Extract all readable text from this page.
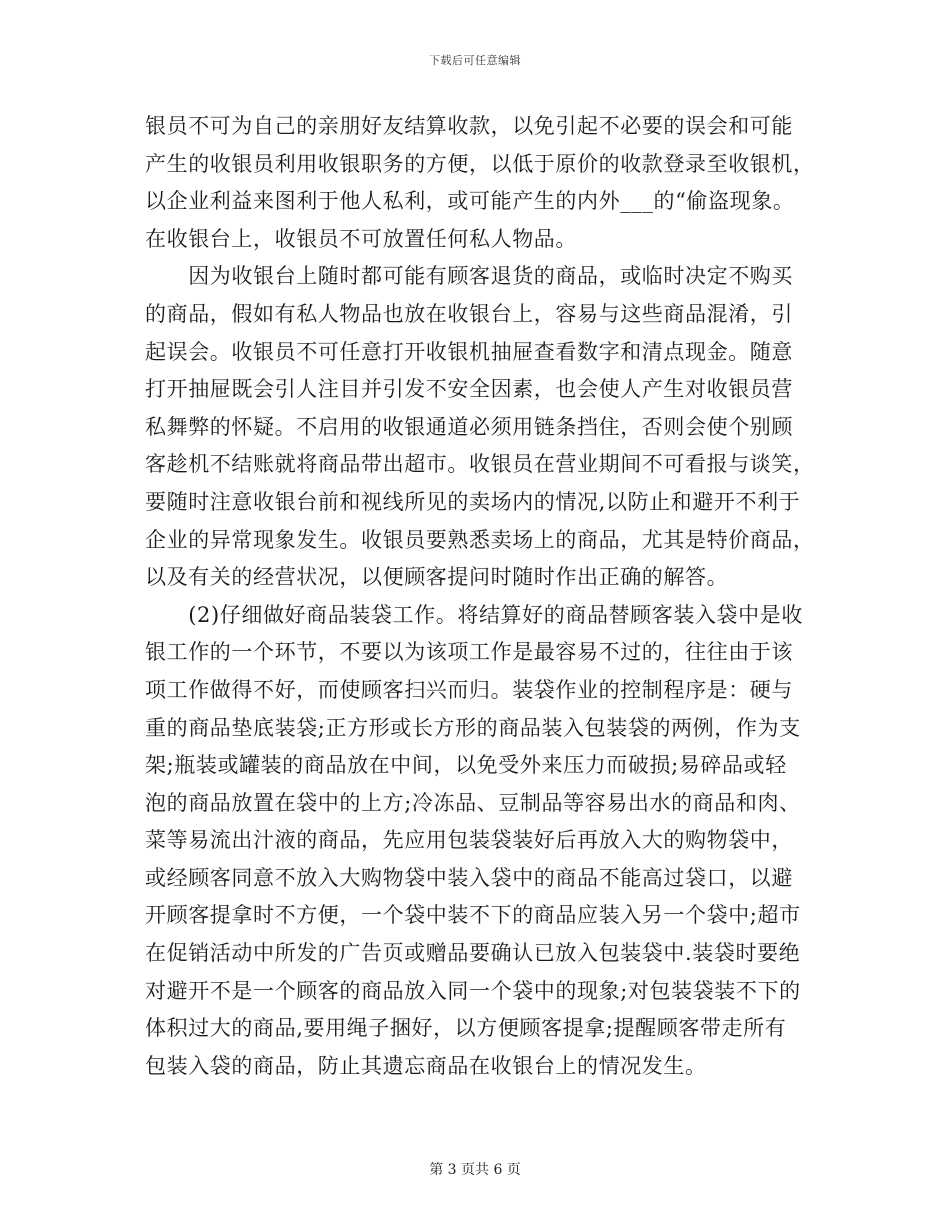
下载后可任意编辑
银员不可为自己的亲朋好友结算收款，以免引起不必要的误会和可能
产生的收银员利用收银职务的方便，以低于原价的收款登录至收银机，
以企业利益来图利于他人私利，或可能产生的内外___的“偷盗现象。
在收银台上，收银员不可放置任何私人物品。
　　因为收银台上随时都可能有顾客退货的商品，或临时决定不购买
的商品，假如有私人物品也放在收银台上，容易与这些商品混淆，引
起误会。收银员不可任意打开收银机抽屉查看数字和清点现金。随意
打开抽屉既会引人注目并引发不安全因素，也会使人产生对收银员营
私舞弊的怀疑。不启用的收银通道必须用链条挡住，否则会使个别顾
客趁机不结账就将商品带出超市。收银员在营业期间不可看报与谈笑，
要随时注意收银台前和视线所见的卖场内的情况,以防止和避开不利于
企业的异常现象发生。收银员要熟悉卖场上的商品，尤其是特价商品，
以及有关的经营状况，以便顾客提问时随时作出正确的解答。
　　(2)仔细做好商品装袋工作。将结算好的商品替顾客装入袋中是收
银工作的一个环节，不要以为该项工作是最容易不过的，往往由于该
项工作做得不好，而使顾客扫兴而归。装袋作业的控制程序是：硬与
重的商品垫底装袋;正方形或长方形的商品装入包装袋的两例，作为支
架;瓶装或罐装的商品放在中间，以免受外来压力而破损;易碎品或轻
泡的商品放置在袋中的上方;冷冻品、豆制品等容易出水的商品和肉、
菜等易流出汁液的商品，先应用包装袋装好后再放入大的购物袋中，
或经顾客同意不放入大购物袋中装入袋中的商品不能高过袋口，以避
开顾客提拿时不方便，一个袋中装不下的商品应装入另一个袋中;超市
在促销活动中所发的广告页或赠品要确认已放入包装袋中.装袋时要绝
对避开不是一个顾客的商品放入同一个袋中的现象;对包装袋装不下的
体积过大的商品,要用绳子捆好，以方便顾客提拿;提醒顾客带走所有
包装入袋的商品，防止其遗忘商品在收银台上的情况发生。
第 3 页共 6 页
